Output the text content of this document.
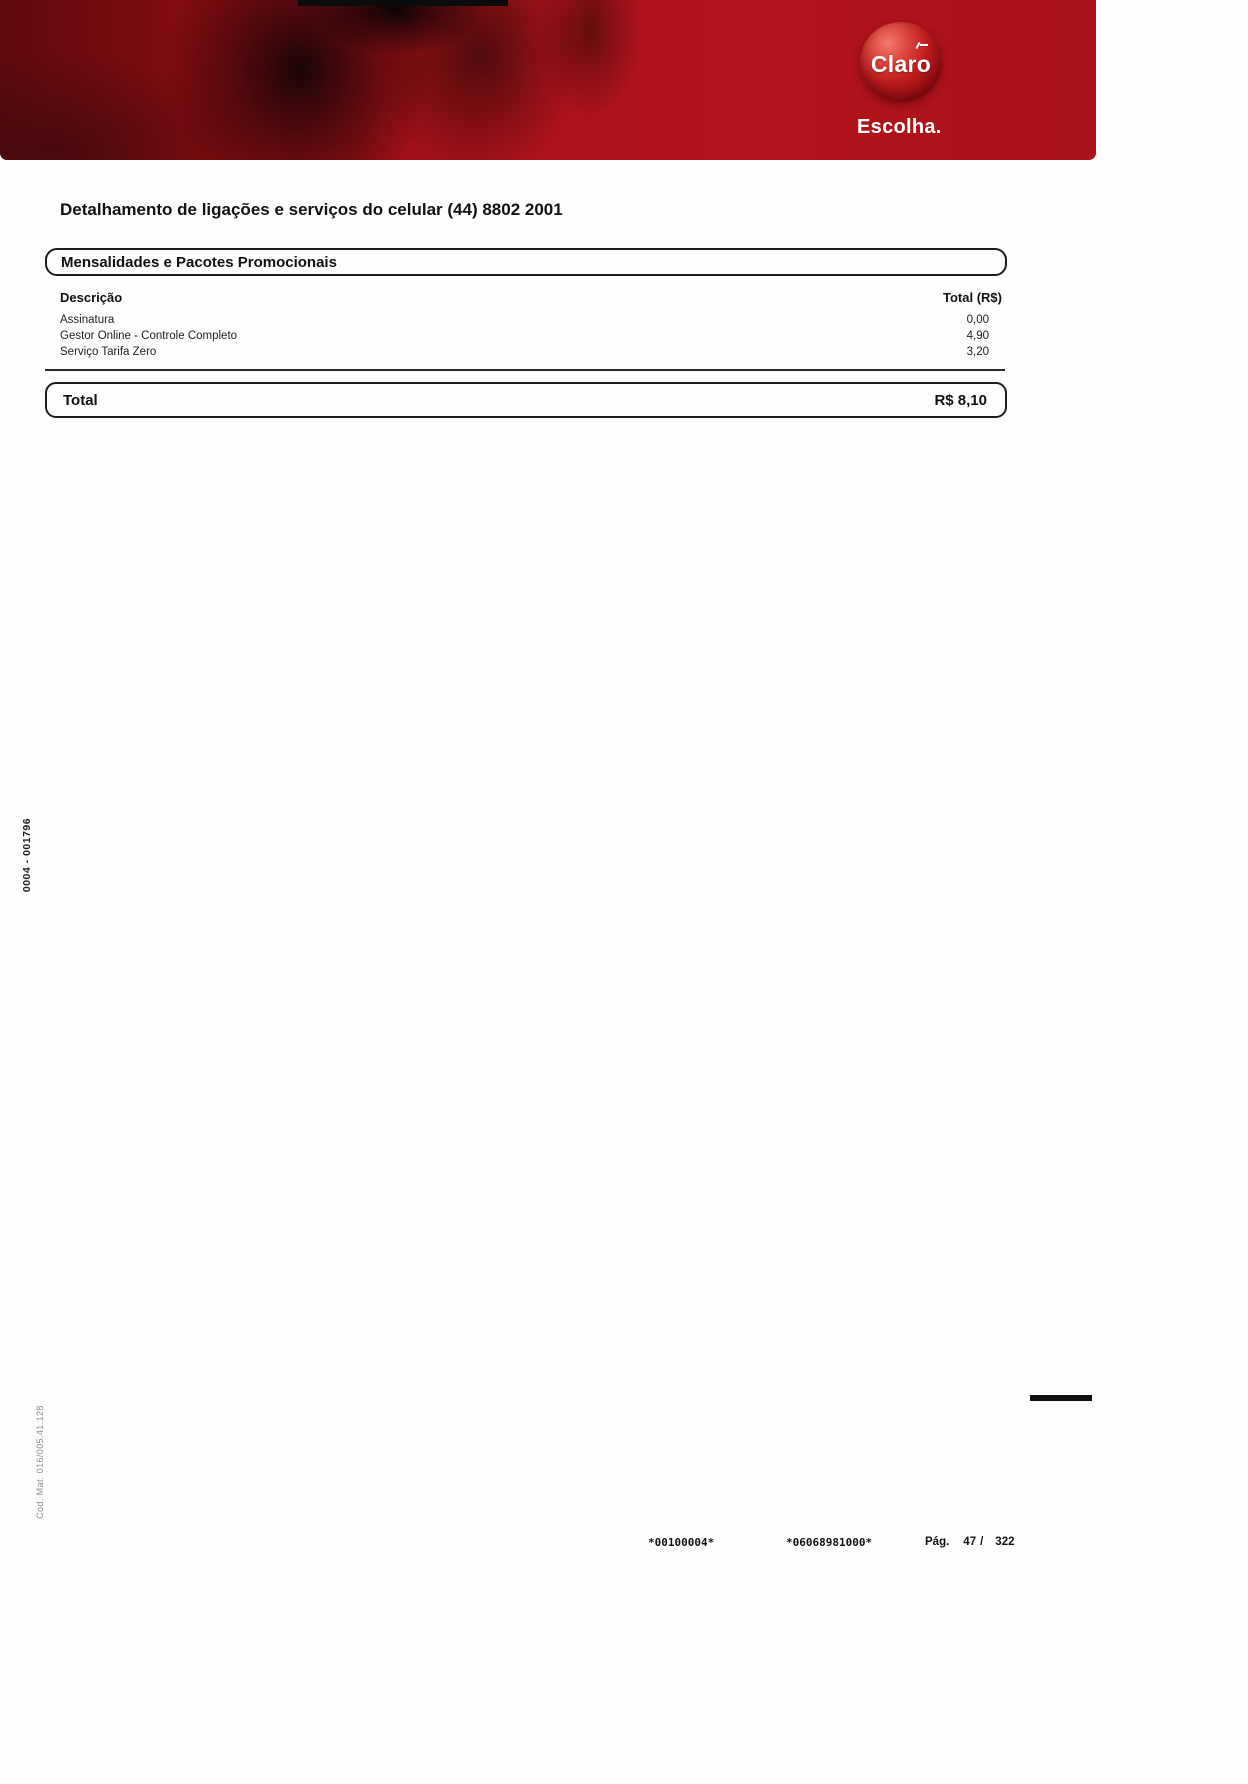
Claro
Escolha.
Detalhamento de ligações e serviços do celular (44) 8802 2001
Mensalidades e Pacotes Promocionais
Descrição	Total (R$)
Assinatura	0,00
Gestor Online - Controle Completo	4,90
Serviço Tarifa Zero	3,20
Total	R$ 8,10
0004 - 001796
Cód. Mat. 016/005.41.128
*00100004*	*06068981000*	Pág. 47 / 322
